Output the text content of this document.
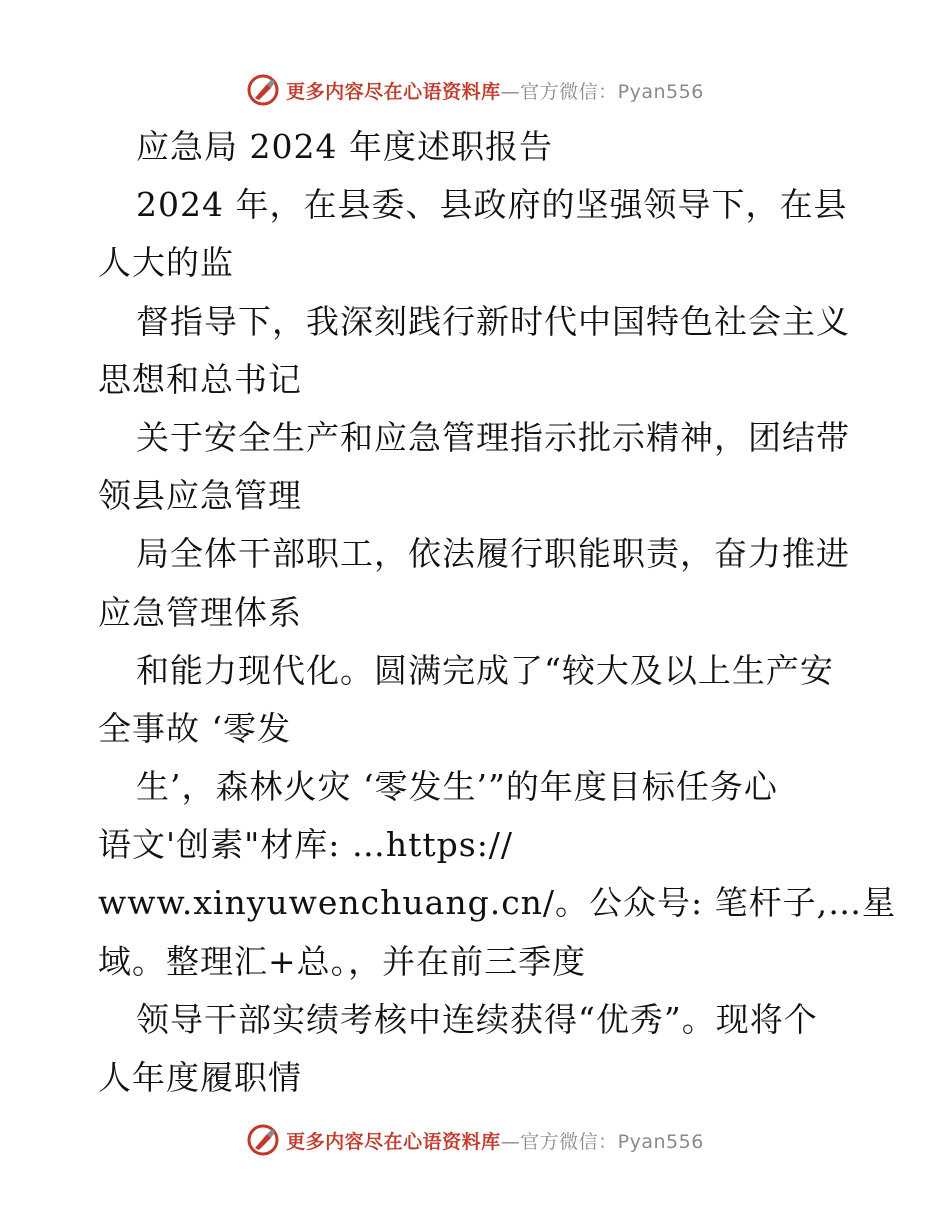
更多内容尽在心语资料库—官方微信：Pyan556
应急局 2024 年度述职报告
2024 年，在县委、县政府的坚强领导下，在县
人大的监
督指导下，我深刻践行新时代中国特色社会主义
思想和总书记
关于安全生产和应急管理指示批示精神，团结带
领县应急管理
局全体干部职工，依法履行职能职责，奋力推进
应急管理体系
和能力现代化。圆满完成了“较大及以上生产安
全事故 ‘零发
生’，森林火灾 ‘零发生’”的年度目标任务心
语文'创素"材库: …https://
www.xinyuwenchuang.cn/。公众号: 笔杆子,…星
域。整理汇+总。，并在前三季度
领导干部实绩考核中连续获得“优秀”。现将个
人年度履职情
更多内容尽在心语资料库—官方微信：Pyan556
